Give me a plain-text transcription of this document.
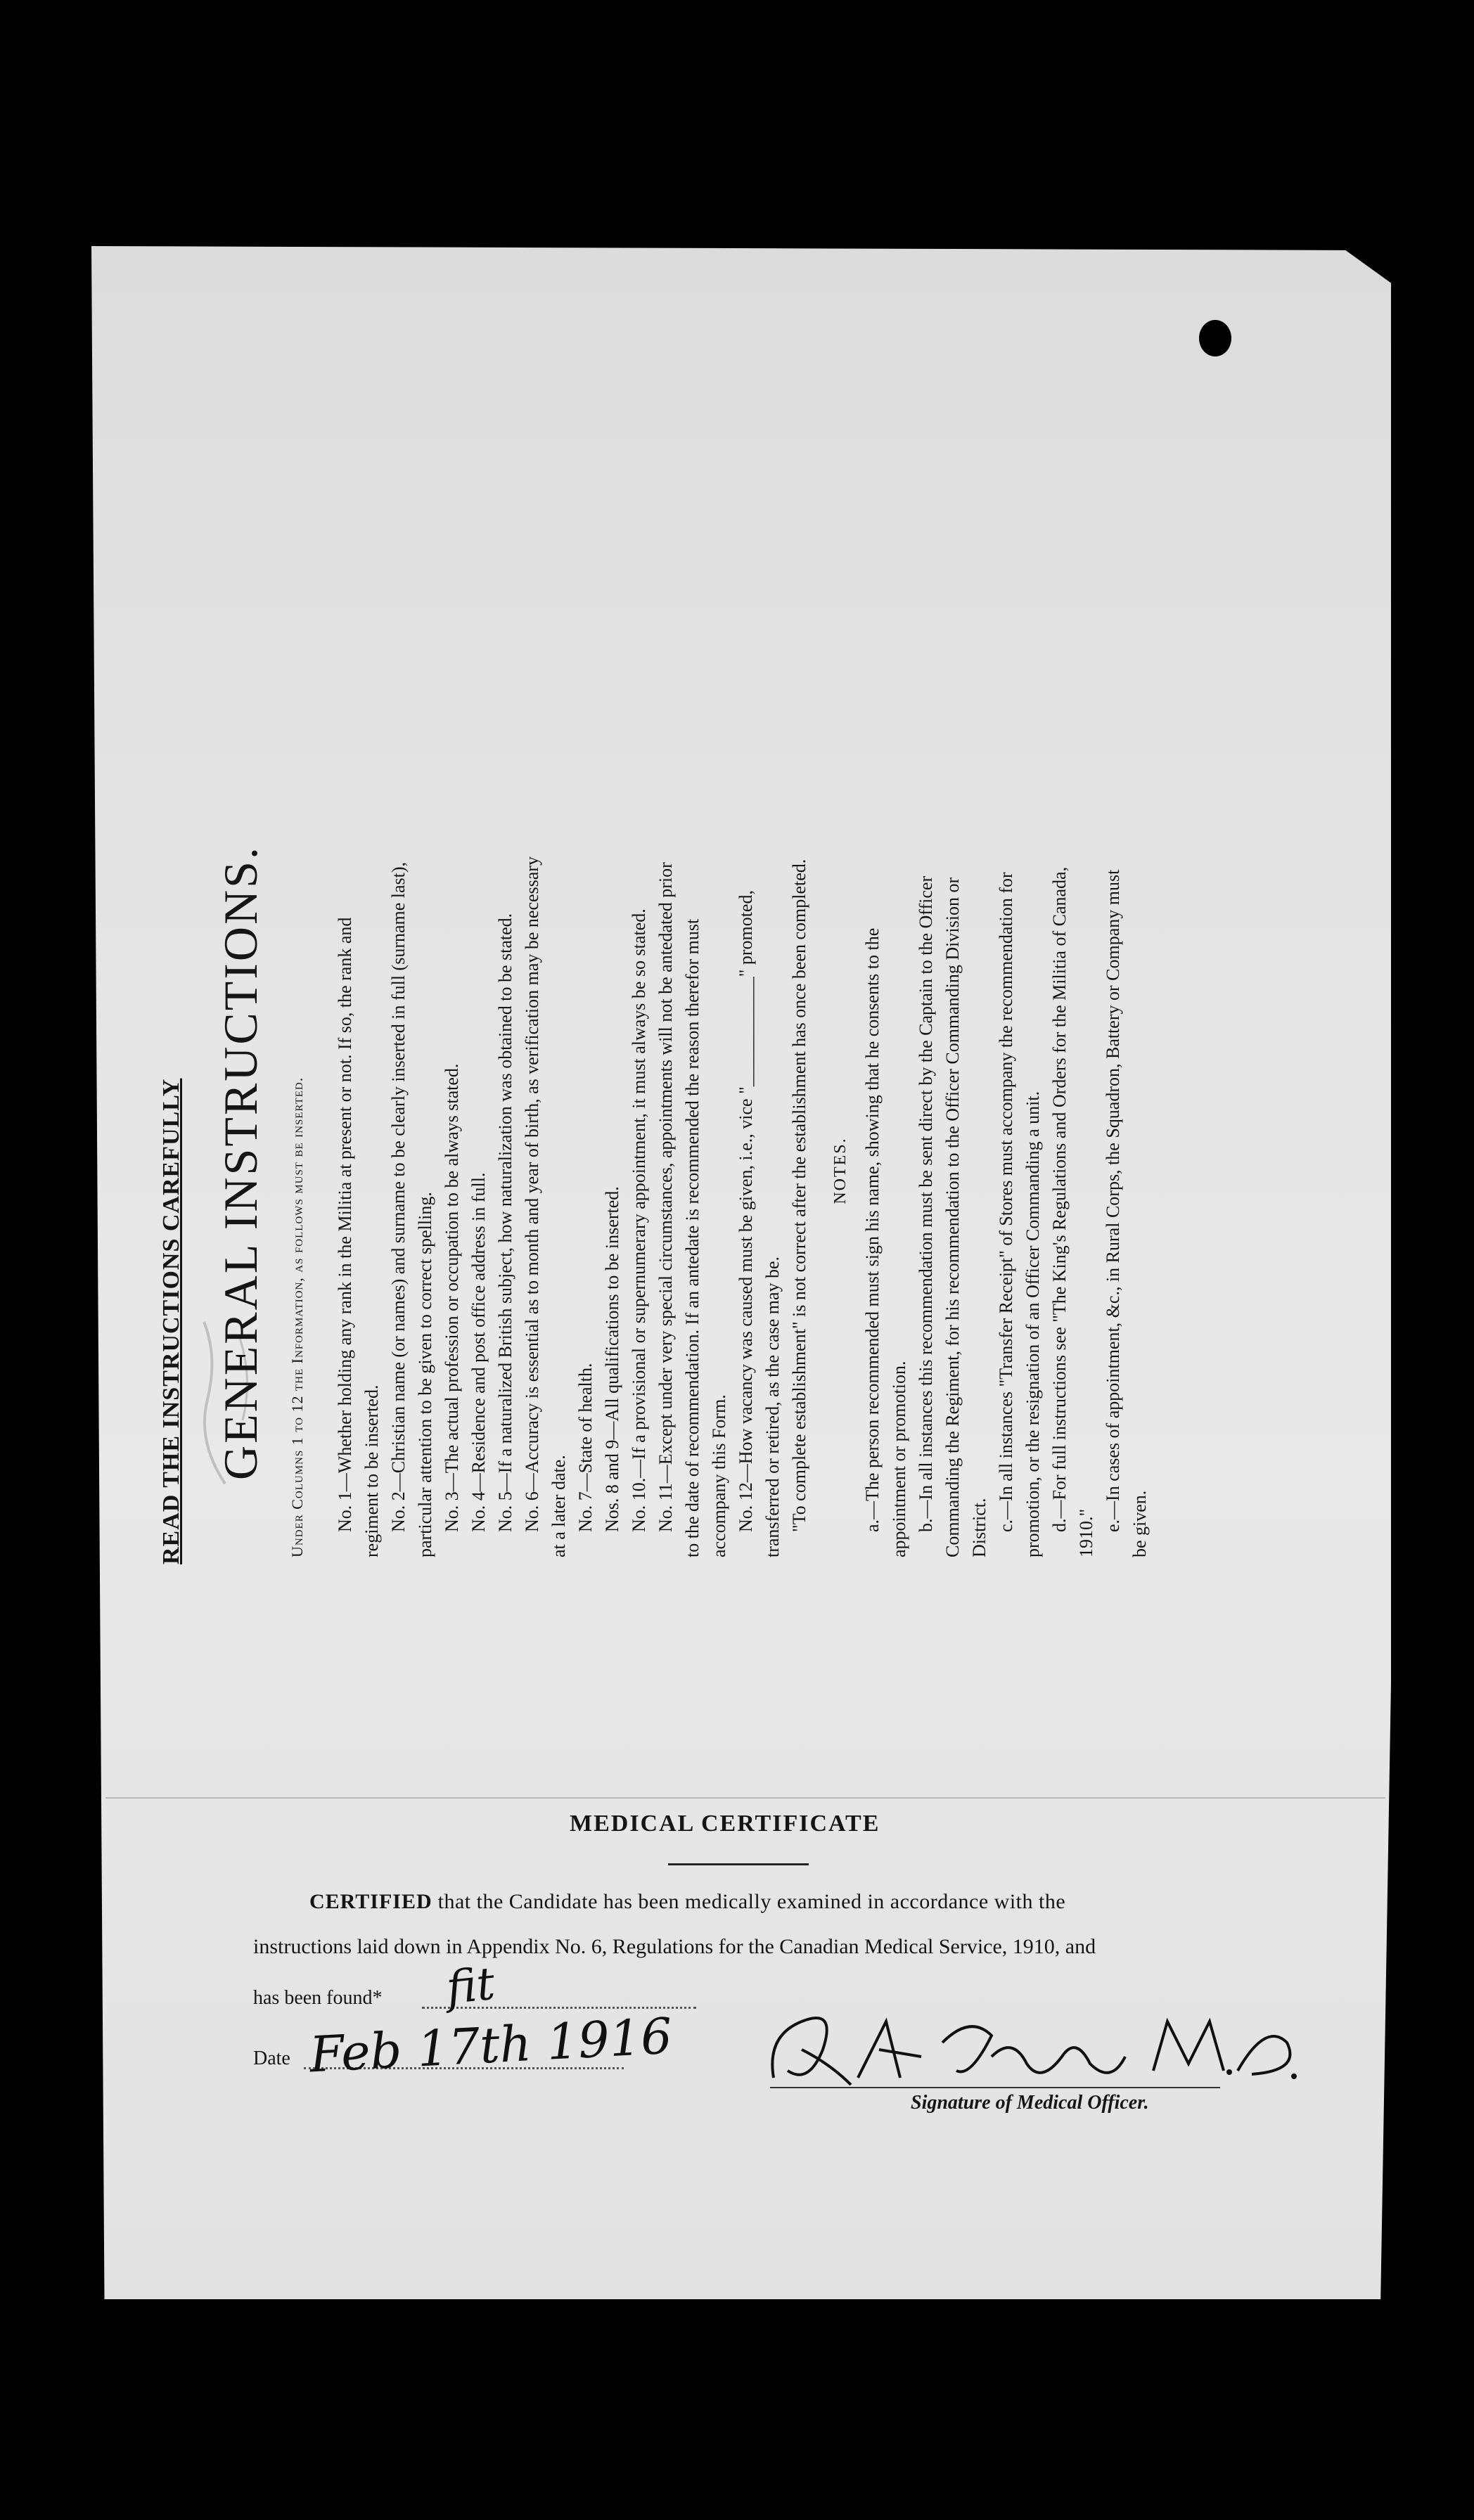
READ THE INSTRUCTIONS CAREFULLY GENERAL INSTRUCTIONS. Under Columns 1 to 12 the Information, as follows must be inserted. No. 1—Whether holding any rank in the Militia at present or not. If so, the rank and regiment to be inserted. No. 2—Christian name (or names) and surname to be clearly inserted in full (surname last), particular attention to be given to correct spelling. No. 3—The actual profession or occupation to be always stated. No. 4—Residence and post office address in full. No. 5—If a naturalized British subject, how naturalization was obtained to be stated. No. 6—Accuracy is essential as to month and year of birth, as verification may be necessary at a later date. No. 7—State of health. Nos. 8 and 9—All qualifications to be inserted. No. 10.—If a provisional or supernumerary appointment, it must always be so stated. No. 11—Except under very special circumstances, appointments will not be antedated prior to the date of recommendation. If an antedate is recommended the reason therefor must accompany this Form. No. 12—How vacancy was caused must be given, i.e., vice "____________" promoted, transferred or retired, as the case may be. "To complete establishment" is not correct after the establishment has once been completed. NOTES. a.—The person recommended must sign his name, showing that he consents to the appointment or promotion. b.—In all instances this recommendation must be sent direct by the Captain to the Officer Commanding the Regiment, for his recommendation to the Officer Commanding Division or District. c.—In all instances "Transfer Receipt" of Stores must accompany the recommendation for promotion, or the resignation of an Officer Commanding a unit. d.—For full instructions see "The King's Regulations and Orders for the Militia of Canada, 1910."

e.—In cases of appointment, &c., in Rural Corps, the Squadron, Battery or Company must be given.

MEDICAL CERTIFICATE
CERTIFIED that the Candidate has been medically examined in accordance with the
instructions laid down in Appendix No. 6, Regulations for the Canadian Medical Service, 1910, and
has been found* fit
Date Feb 17th 1916
Signature of Medical Officer.
